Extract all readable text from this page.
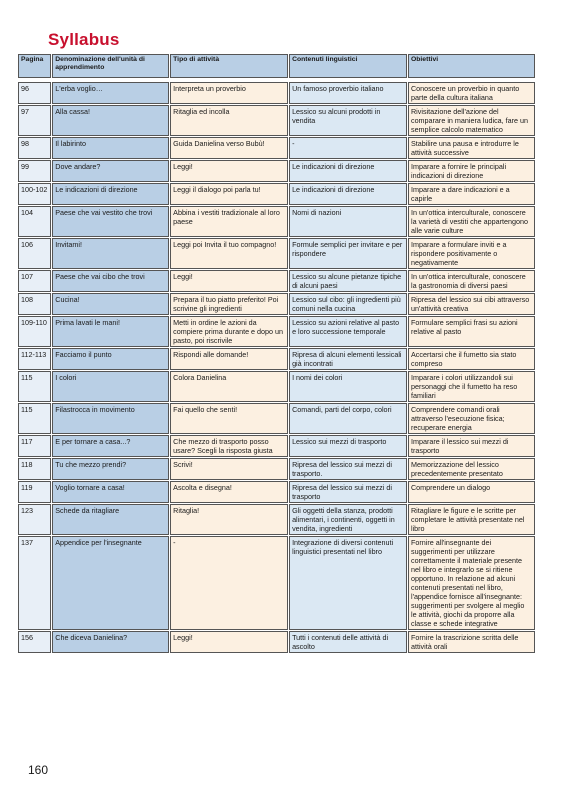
Syllabus
Pagina	Denominazione dell'unità di apprendimento	Tipo di attività	Contenuti linguistici	Obiettivi

96	L'erba voglio…	Interpreta un proverbio	Un famoso proverbio italiano	Conoscere un proverbio in quanto parte della cultura italiana
97	Alla cassa!	Ritaglia ed incolla	Lessico su alcuni prodotti in vendita	Rivisitazione dell'azione del comparare in maniera ludica, fare un semplice calcolo matematico
98	Il labirinto	Guida Danielina verso Bubù!	-	Stabilire una pausa e introdurre le attività successive
99	Dove andare?	Leggi!	Le indicazioni di direzione	Imparare a fornire le principali indicazioni di direzione
100-102	Le indicazioni di direzione	Leggi il dialogo poi parla tu!	Le indicazioni di direzione	Imparare a dare indicazioni e a capirle
104	Paese che vai vestito che trovi	Abbina i vestiti tradizionale al loro paese	Nomi di nazioni	In un'ottica interculturale, conoscere la varietà di vestiti che appartengono alle varie culture
106	Invitami!	Leggi poi Invita il tuo compagno!	Formule semplici per invitare e per rispondere	Imparare a formulare inviti e a rispondere positivamente o negativamente
107	Paese che vai cibo che trovi	Leggi!	Lessico su alcune pietanze tipiche di alcuni paesi	In un'ottica interculturale, conoscere la gastronomia di diversi paesi
108	Cucina!	Prepara il tuo piatto preferito! Poi scrivine gli ingredienti	Lessico sul cibo: gli ingredienti più comuni nella cucina	Ripresa del lessico sui cibi attraverso un'attività creativa
109-110	Prima lavati le mani!	Metti in ordine le azioni da compiere prima durante e dopo un pasto, poi riscrivile	Lessico su azioni relative al pasto e loro successione temporale	Formulare semplici frasi su azioni relative al pasto
112-113	Facciamo il punto	Rispondi alle domande!	Ripresa di alcuni elementi lessicali già incontrati	Accertarsi che il fumetto sia stato compreso
115	I colori	Colora Danielina	I nomi dei colori	Imparare i colori utilizzandoli sui personaggi che il fumetto ha reso familiari
115	Filastrocca in movimento	Fai quello che senti!	Comandi, parti del corpo, colori	Comprendere comandi orali attraverso l'esecuzione fisica; recuperare energia
117	E per tornare a casa...?	Che mezzo di trasporto posso usare? Scegli la risposta giusta	Lessico sui mezzi di trasporto	Imparare il lessico sui mezzi di trasporto
118	Tu che mezzo prendi?	Scrivi!	Ripresa del lessico sui mezzi di trasporto.	Memorizzazione del lessico precedentemente presentato
119	Voglio tornare a casa!	Ascolta e disegna!	Ripresa del lessico sui mezzi di trasporto	Comprendere un dialogo
123	Schede da ritagliare	Ritaglia!	Gli oggetti della stanza, prodotti alimentari, i continenti, oggetti in vendita, ingredienti	Ritagliare le figure e le scritte per completare le attività presentate nel libro
137	Appendice per l'insegnante	-	Integrazione di diversi contenuti linguistici presentati nel libro	Fornire all'insegnante dei suggerimenti per utilizzare correttamente il materiale presente nel libro e integrarlo se si ritiene opportuno. In relazione ad alcuni contenuti presentati nel libro, l'appendice fornisce all'insegnante: suggerimenti per svolgere al meglio le attività, giochi da proporre alla classe e schede integrative
156	Che diceva Danielina?	Leggi!	Tutti i contenuti delle attività di ascolto	Fornire la trascrizione scritta delle attività orali
160
